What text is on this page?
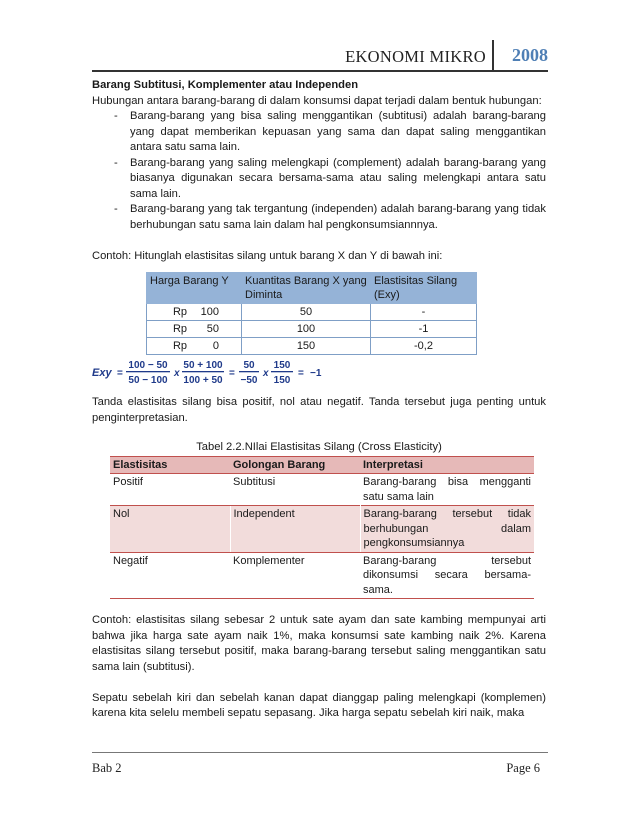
EKONOMI MIKRO 2008

Barang Subtitusi, Komplementer atau Independen

Hubungan antara barang-barang di dalam konsumsi dapat terjadi dalam bentuk hubungan:

- Barang-barang yang bisa saling menggantikan (subtitusi) adalah barang-barang yang dapat memberikan kepuasan yang sama dan dapat saling menggantikan antara satu sama lain.
- Barang-barang yang saling melengkapi (complement) adalah barang-barang yang biasanya digunakan secara bersama-sama atau saling melengkapi antara satu sama lain.
- Barang-barang yang tak tergantung (independen) adalah barang-barang yang tidak berhubungan satu sama lain dalam hal pengkonsumsiannnya.

Contoh: Hitunglah elastisitas silang untuk barang X dan Y di bawah ini:

Harga Barang Y	Kuantitas Barang X yang Diminta	Elastisitas Silang (Exy)
Rp 100	50	-
Rp 50	100	-1
Rp 0	150	-0,2
Exy =
100 − 50
50 − 100
x
50 + 100
100 + 50
=
50
−50
x
150
150
= −1

Tanda elastisitas silang bisa positif, nol atau negatif. Tanda tersebut juga penting untuk penginterpretasian.

Tabel 2.2.NIlai Elastisitas Silang (Cross Elasticity)

Elastisitas	Golongan Barang	Interpretasi
Positif	Subtitusi	Barang-barang bisa mengganti satu sama lain
Nol	Independent	Barang-barang tersebut tidak berhubungan dalam pengkonsumsiannya
Negatif	Komplementer	Barang-barang tersebut dikonsumsi secara bersama-sama.

Contoh: elastisitas silang sebesar 2 untuk sate ayam dan sate kambing mempunyai arti bahwa jika harga sate ayam naik 1%, maka konsumsi sate kambing naik 2%. Karena elastisitas silang tersebut positif, maka barang-barang tersebut saling menggantikan satu sama lain (subtitusi).

Sepatu sebelah kiri dan sebelah kanan dapat dianggap paling melengkapi (komplemen) karena kita selelu membeli sepatu sepasang. Jika harga sepatu sebelah kiri naik, maka

Bab 2	Page 6
